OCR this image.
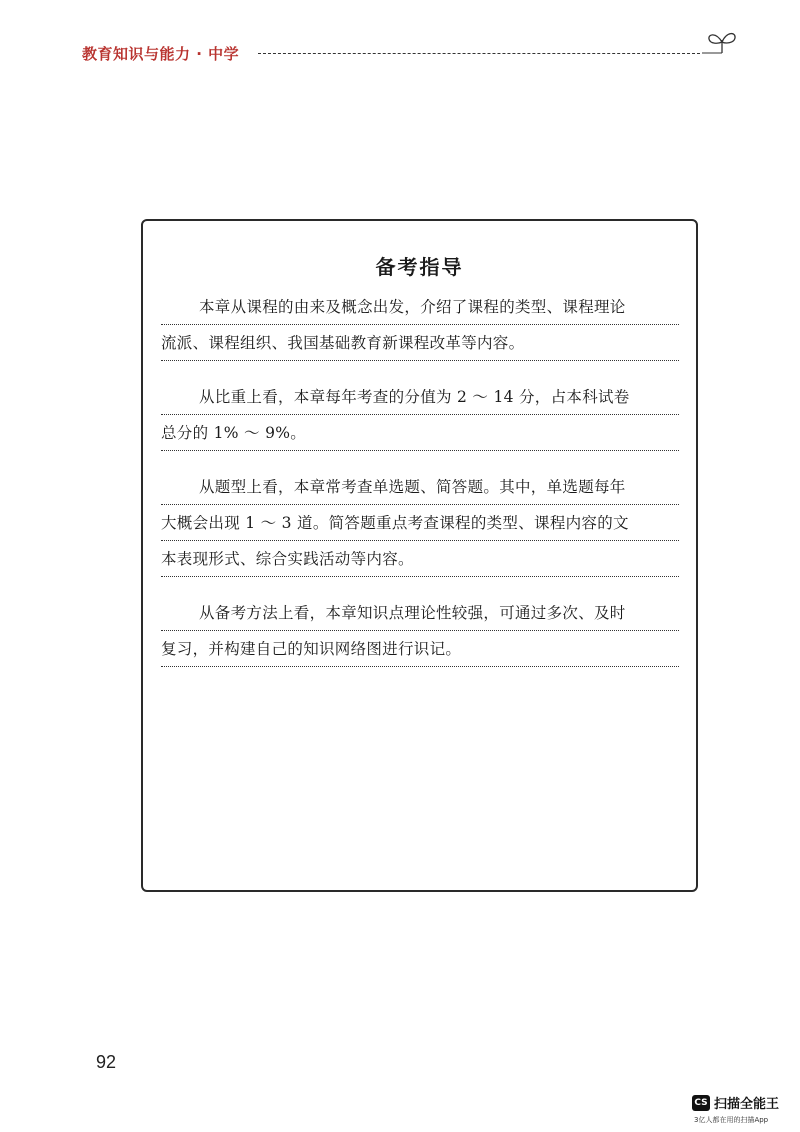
教育知识与能力 · 中学
备考指导
本章从课程的由来及概念出发，介绍了课程的类型、课程理论
流派、课程组织、我国基础教育新课程改革等内容。
从比重上看，本章每年考查的分值为 2 ～ 14 分，占本科试卷
总分的 1% ～ 9%。
从题型上看，本章常考查单选题、简答题。其中，单选题每年
大概会出现 1 ～ 3 道。简答题重点考查课程的类型、课程内容的文
本表现形式、综合实践活动等内容。
从备考方法上看，本章知识点理论性较强，可通过多次、及时
复习，并构建自己的知识网络图进行识记。
92
CS 扫描全能王
3亿人都在用的扫描App
